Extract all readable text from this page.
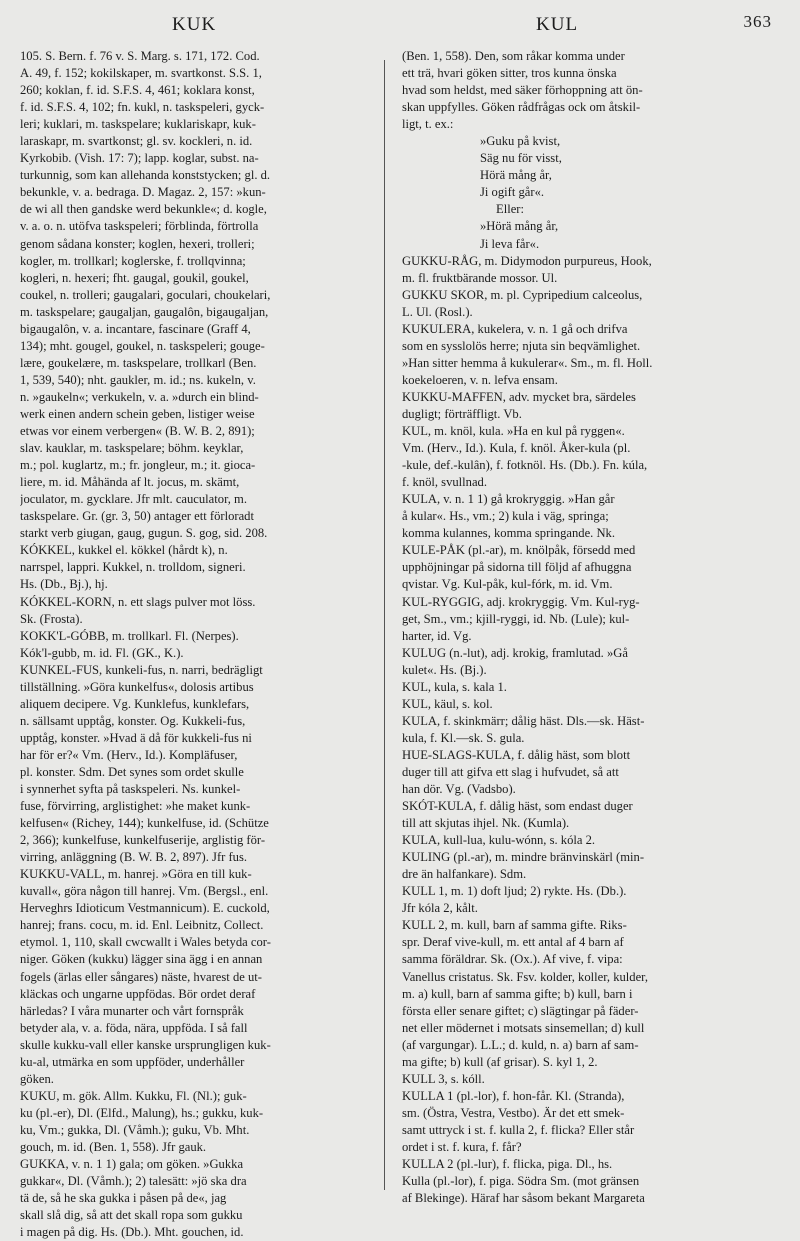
KUK	KUL	363
105. S. Bern. f. 76 v. S. Marg. s. 171, 172. Cod.
A. 49, f. 152; kokilskaper, m. svartkonst. S.S. 1,
260; koklan, f. id. S.F.S. 4, 461; koklara konst,
f. id. S.F.S. 4, 102; fn. kukl, n. taskspeleri, gyck-
leri; kuklari, m. taskspelare; kuklariskapr, kuk-
laraskapr, m. svartkonst; gl. sv. kockleri, n. id.
Kyrkobib. (Vish. 17: 7); lapp. koglar, subst. na-
turkunnig, som kan allehanda konststycken; gl. d.
bekunkle, v. a. bedraga. D. Magaz. 2, 157: »kun-
de wi all then gandske werd bekunkle«; d. kogle,
v. a. o. n. utöfva taskspeleri; förblinda, förtrolla
genom sådana konster; koglen, hexeri, trolleri;
kogler, m. trollkarl; koglerske, f. trollqvinna;
kogleri, n. hexeri; fht. gaugal, goukil, goukel,
coukel, n. trolleri; gaugalari, goculari, choukelari,
m. taskspelare; gaugaljan, gaugalôn, bigaugaljan,
bigaugalôn, v. a. incantare, fascinare (Graff 4,
134); mht. gougel, goukel, n. taskspeleri; gouge-
lære, goukelære, m. taskspelare, trollkarl (Ben.
1, 539, 540); nht. gaukler, m. id.; ns. kukeln, v.
n. »gaukeln«; verkukeln, v. a. »durch ein blind-
werk einen andern schein geben, listiger weise
etwas vor einem verbergen« (B. W. B. 2, 891);
slav. kauklar, m. taskspelare; böhm. keyklar,
m.; pol. kuglartz, m.; fr. jongleur, m.; it. gioca-
liere, m. id. Måhända af lt. jocus, m. skämt,
joculator, m. gycklare. Jfr mlt. cauculator, m.
taskspelare. Gr. (gr. 3, 50) antager ett förloradt
starkt verb giugan, gaug, gugun. S. gog, sid. 208.
KÓKKEL, kukkel el. kökkel (hårdt k), n.
narrspel, lappri. Kukkel, n. trolldom, signeri.
Hs. (Db., Bj.), hj.
KÓKKEL-KORN, n. ett slags pulver mot löss.
Sk. (Frosta).
KOKK'L-GÓBB, m. trollkarl. Fl. (Nerpes).
Kók'l-gubb, m. id. Fl. (GK., K.).
KUNKEL-FUS, kunkeli-fus, n. narri, bedrägligt
tillställning. »Göra kunkelfus«, dolosis artibus
aliquem decipere. Vg. Kunklefus, kunklefars,
n. sällsamt upptåg, konster. Og. Kukkeli-fus,
upptåg, konster. »Hvad ä då för kukkeli-fus ni
har för er?« Vm. (Herv., Id.). Kompläfuser,
pl. konster. Sdm. Det synes som ordet skulle
i synnerhet syfta på taskspeleri. Ns. kunkel-
fuse, förvirring, arglistighet: »he maket kunk-
kelfusen« (Richey, 144); kunkelfuse, id. (Schütze
2, 366); kunkelfuse, kunkelfuserije, arglistig för-
virring, anläggning (B. W. B. 2, 897). Jfr fus.
KUKKU-VALL, m. hanrej. »Göra en till kuk-
kuvall«, göra någon till hanrej. Vm. (Bergsl., enl.
Herveghrs Idioticum Vestmannicum). E. cuckold,
hanrej; frans. cocu, m. id. Enl. Leibnitz, Collect.
etymol. 1, 110, skall cwcwallt i Wales betyda cor-
niger. Göken (kukku) lägger sina ägg i en annan
fogels (ärlas eller sångares) näste, hvarest de ut-
kläckas och ungarne uppfödas. Bör ordet deraf
härledas? I våra munarter och vårt fornspråk
betyder ala, v. a. föda, nära, uppföda. I så fall
skulle kukku-vall eller kanske ursprungligen kuk-
ku-al, utmärka en som uppföder, underhåller
göken.
KUKU, m. gök. Allm. Kukku, Fl. (Nl.); guk-
ku (pl.-er), Dl. (Elfd., Malung), hs.; gukku, kuk-
ku, Vm.; gukka, Dl. (Våmh.); guku, Vb. Mht.
gouch, m. id. (Ben. 1, 558). Jfr gauk.
GUKKA, v. n. 1 1) gala; om göken. »Gukka
gukkar«, Dl. (Våmh.); 2) talesätt: »jö ska dra
tä de, så he ska gukka i påsen på de«, jag
skall slå dig, så att det skall ropa som gukku
i magen på dig. Hs. (Db.). Mht. gouchen, id.
(Ben. 1, 558). Den, som råkar komma under
ett trä, hvari göken sitter, tros kunna önska
hvad som heldst, med säker förhoppning att ön-
skan uppfylles. Göken rådfrågas ock om åtskil-
ligt, t. ex.:
»Guku på kvist,
Säg nu för visst,
Hörä mång år,
Ji ogift går«.
Eller:
»Hörä mång år,
Ji leva får«.
GUKKU-RÅG, m. Didymodon purpureus, Hook,
m. fl. fruktbärande mossor. Ul.
GUKKU SKOR, m. pl. Cypripedium calceolus,
L. Ul. (Rosl.).
KUKULERA, kukelera, v. n. 1 gå och drifva
som en sysslolös herre; njuta sin beqvämlighet.
»Han sitter hemma å kukulerar«. Sm., m. fl. Holl.
koekeloeren, v. n. lefva ensam.
KUKKU-MAFFEN, adv. mycket bra, särdeles
dugligt; förträffligt. Vb.
KUL, m. knöl, kula. »Ha en kul på ryggen«.
Vm. (Herv., Id.). Kula, f. knöl. Åker-kula (pl.
-kule, def.-kulân), f. fotknöl. Hs. (Db.). Fn. kúla,
f. knöl, svullnad.
KULA, v. n. 1 1) gå krokryggig. »Han går
å kular«. Hs., vm.; 2) kula i väg, springa;
komma kulannes, komma springande. Nk.
KULE-PÅK (pl.-ar), m. knölpåk, försedd med
upphöjningar på sidorna till följd af afhuggna
qvistar. Vg. Kul-påk, kul-fórk, m. id. Vm.
KUL-RYGGIG, adj. krokryggig. Vm. Kul-ryg-
get, Sm., vm.; kjill-ryggi, id. Nb. (Lule); kul-
harter, id. Vg.
KULUG (n.-lut), adj. krokig, framlutad. »Gå
kulet«. Hs. (Bj.).
KUL, kula, s. kala 1.
KUL, käul, s. kol.
KULA, f. skinkmärr; dålig häst. Dls.—sk. Häst-
kula, f. Kl.—sk. S. gula.
HUE-SLAGS-KULA, f. dålig häst, som blott
duger till att gifva ett slag i hufvudet, så att
han dör. Vg. (Vadsbo).
SKÓT-KULA, f. dålig häst, som endast duger
till att skjutas ihjel. Nk. (Kumla).
KULA, kull-lua, kulu-wónn, s. kóla 2.
KULING (pl.-ar), m. mindre bränvinskärl (min-
dre än halfankare). Sdm.
KULL 1, m. 1) doft ljud; 2) rykte. Hs. (Db.).
Jfr kóla 2, kålt.
KULL 2, m. kull, barn af samma gifte. Riks-
spr. Deraf vive-kull, m. ett antal af 4 barn af
samma föräldrar. Sk. (Ox.). Af vive, f. vipa:
Vanellus cristatus. Sk. Fsv. kolder, koller, kulder,
m. a) kull, barn af samma gifte; b) kull, barn i
första eller senare giftet; c) slägtingar på fäder-
net eller mödernet i motsats sinsemellan; d) kull
(af vargungar). L.L.; d. kuld, n. a) barn af sam-
ma gifte; b) kull (af grisar). S. kyl 1, 2.
KULL 3, s. kóll.
KULLA 1 (pl.-lor), f. hon-får. Kl. (Stranda),
sm. (Östra, Vestra, Vestbo). Är det ett smek-
samt uttryck i st. f. kulla 2, f. flicka? Eller står
ordet i st. f. kura, f. får?
KULLA 2 (pl.-lur), f. flicka, piga. Dl., hs.
Kulla (pl.-lor), f. piga. Södra Sm. (mot gränsen
af Blekinge). Häraf har såsom bekant Margareta
